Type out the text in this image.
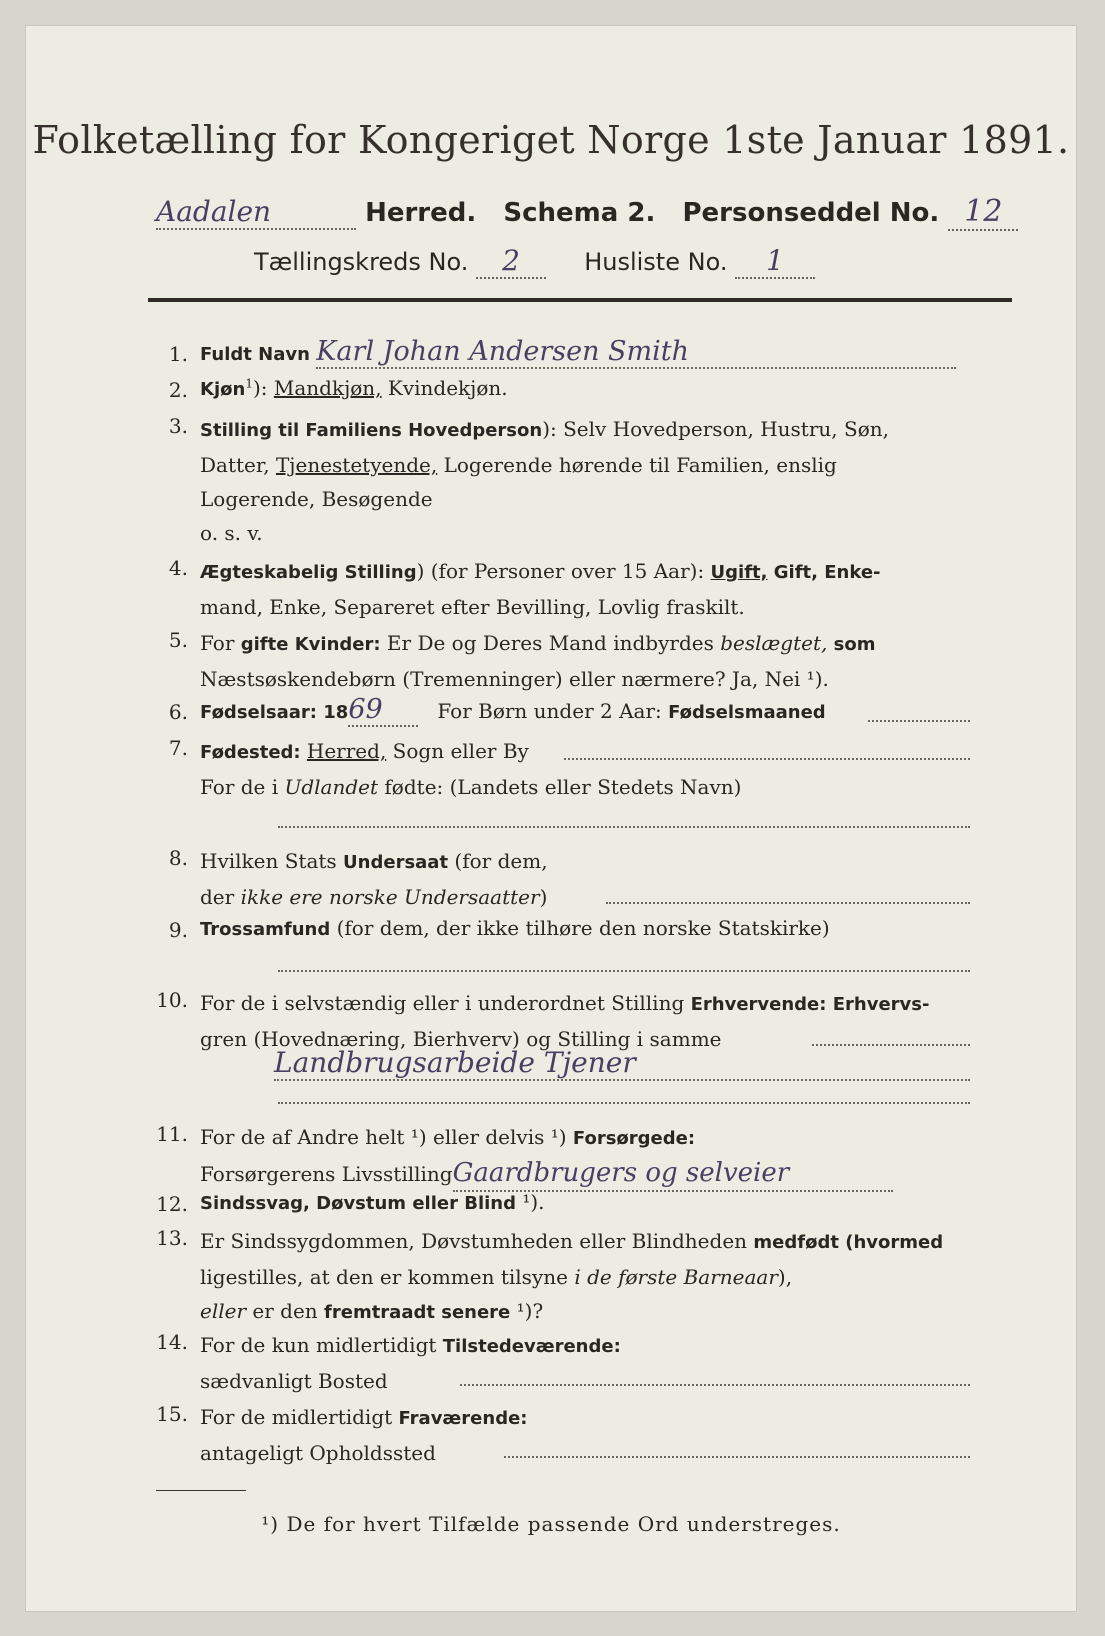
Folketælling for Kongeriget Norge 1ste Januar 1891.
Aadalen	Herred. Schema 2. Personseddel No. 12
Tællingskreds No. 2	Husliste No. 1
1. Fuldt Navn Karl Johan Andersen Smith
2. Kjøn$^1$): Mandkjøn, Kvindekjøn.
3. Stilling til Familiens Hovedperson): Selv Hovedperson, Hustru, Søn,
Datter, Tjenestetyende, Logerende hørende til Familien, enslig
Logerende, Besøgende
o. s. v.
4. Ægteskabelig Stilling) (for Personer over 15 Aar): Ugift, Gift, Enke-
mand, Enke, Separeret efter Bevilling, Lovlig fraskilt.
5. For gifte Kvinder: Er De og Deres Mand indbyrdes beslægtet, som
Næstsøskendebørn (Tremenninger) eller nærmere? Ja, Nei ¹).
6. Fødselsaar: 1869	For Børn under 2 Aar: Fødselsmaaned
7. Fødested: Herred, Sogn eller By
For de i Udlandet fødte: (Landets eller Stedets Navn)
8. Hvilken Stats Undersaat (for dem,
der ikke ere norske Undersaatter)
9. Trossamfund (for dem, der ikke tilhøre den norske Statskirke)
10. For de i selvstændig eller i underordnet Stilling Erhvervende: Erhvervs-
gren (Hovednæring, Bierhverv) og Stilling i samme
Landbrugsarbeide Tjener
11. For de af Andre helt ¹) eller delvis ¹) Forsørgede:
Forsørgerens LivsstillingGaardbrugers og selveier
12. Sindssvag, Døvstum eller Blind ¹).
13. Er Sindssygdommen, Døvstumheden eller Blindheden medfødt (hvormed
ligestilles, at den er kommen tilsyne i de første Barneaar),
eller er den fremtraadt senere ¹)?
14. For de kun midlertidigt Tilstedeværende:
sædvanligt Bosted
15. For de midlertidigt Fraværende:
antageligt Opholdssted
¹) De for hvert Tilfælde passende Ord understreges.
